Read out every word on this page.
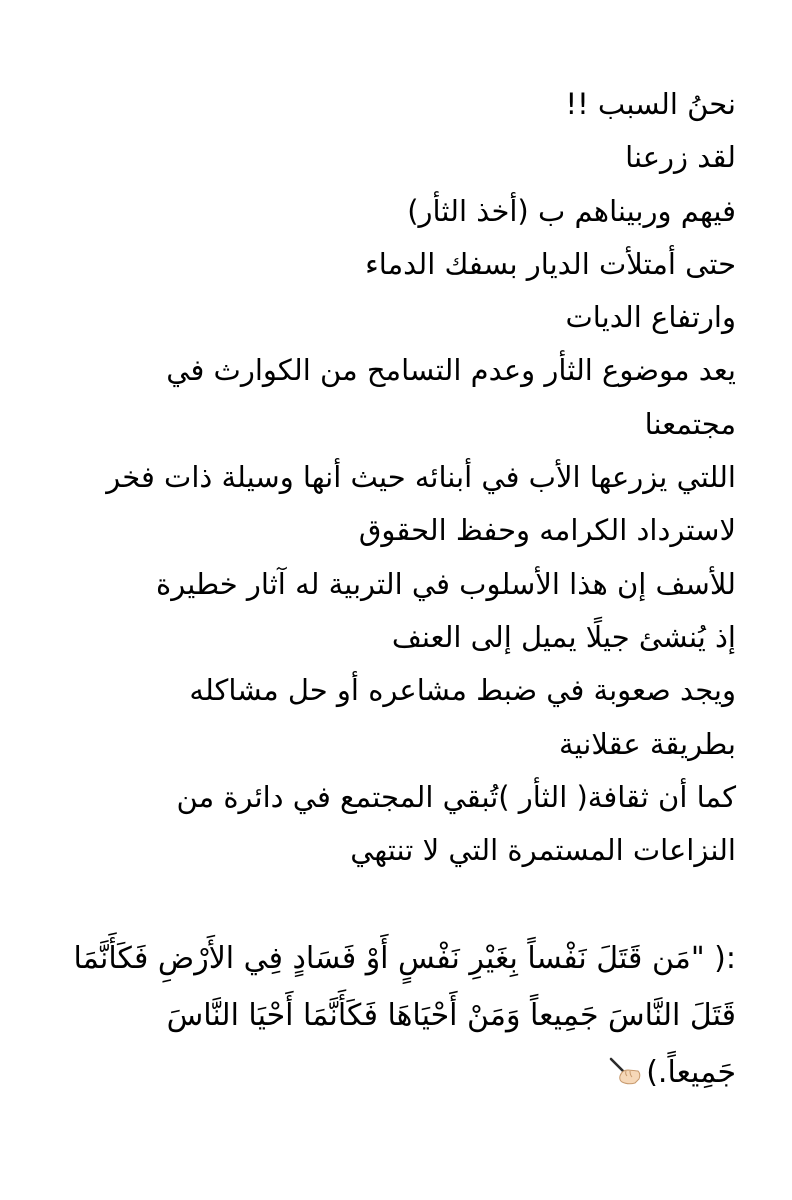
نحنُ السبب !!
لقد زرعنا
فيهم وربيناهم ب (أخذ الثأر)
حتى أمتلأت الديار بسفك الدماء
وارتفاع الديات
يعد موضوع الثأر وعدم التسامح من الكوارث في
مجتمعنا
اللتي يزرعها الأب في أبنائه حيث أنها وسيلة ذات فخر
لاسترداد الكرامه وحفظ الحقوق
للأسف إن هذا الأسلوب في التربية له آثار خطيرة
إذ يُنشئ جيلًا يميل إلى العنف
ويجد صعوبة في ضبط مشاعره أو حل مشاكله
بطريقة عقلانية
كما أن ثقافة( الثأر )تُبقي المجتمع في دائرة من
النزاعات المستمرة التي لا تنتهي
:( "مَن قَتَلَ نَفْساً بِغَيْرِ نَفْسٍ أَوْ فَسَادٍ فِي الأَرْضِ فَكَأَنَّمَا
قَتَلَ النَّاسَ جَمِيعاً وَمَنْ أَحْيَاهَا فَكَأَنَّمَا أَحْيَا النَّاسَ
جَمِيعاً.)
